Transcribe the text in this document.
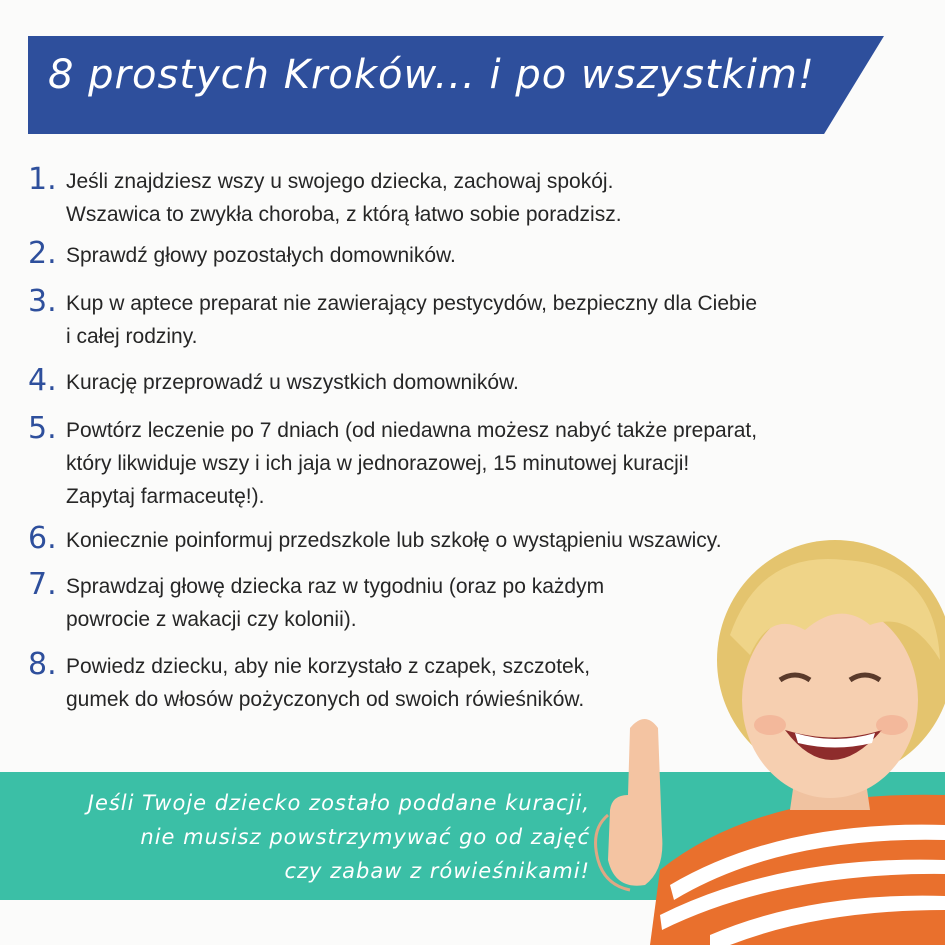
8 prostych Kroków... i po wszystkim!
1. Jeśli znajdziesz wszy u swojego dziecka, zachowaj spokój.
Wszawica to zwykła choroba, z którą łatwo sobie poradzisz.
2. Sprawdź głowy pozostałych domowników.
3. Kup w aptece preparat nie zawierający pestycydów, bezpieczny dla Ciebie
i całej rodziny.
4. Kurację przeprowadź u wszystkich domowników.
5. Powtórz leczenie po 7 dniach (od niedawna możesz nabyć także preparat,
który likwiduje wszy i ich jaja w jednorazowej, 15 minutowej kuracji!
Zapytaj farmaceutę!).
6. Koniecznie poinformuj przedszkole lub szkołę o wystąpieniu wszawicy.
7. Sprawdzaj głowę dziecka raz w tygodniu (oraz po każdym
powrocie z wakacji czy kolonii).
8. Powiedz dziecku, aby nie korzystało z czapek, szczotek,
gumek do włosów pożyczonych od swoich rówieśników.
Jeśli Twoje dziecko zostało poddane kuracji,
nie musisz powstrzymywać go od zajęć
czy zabaw z rówieśnikami!
